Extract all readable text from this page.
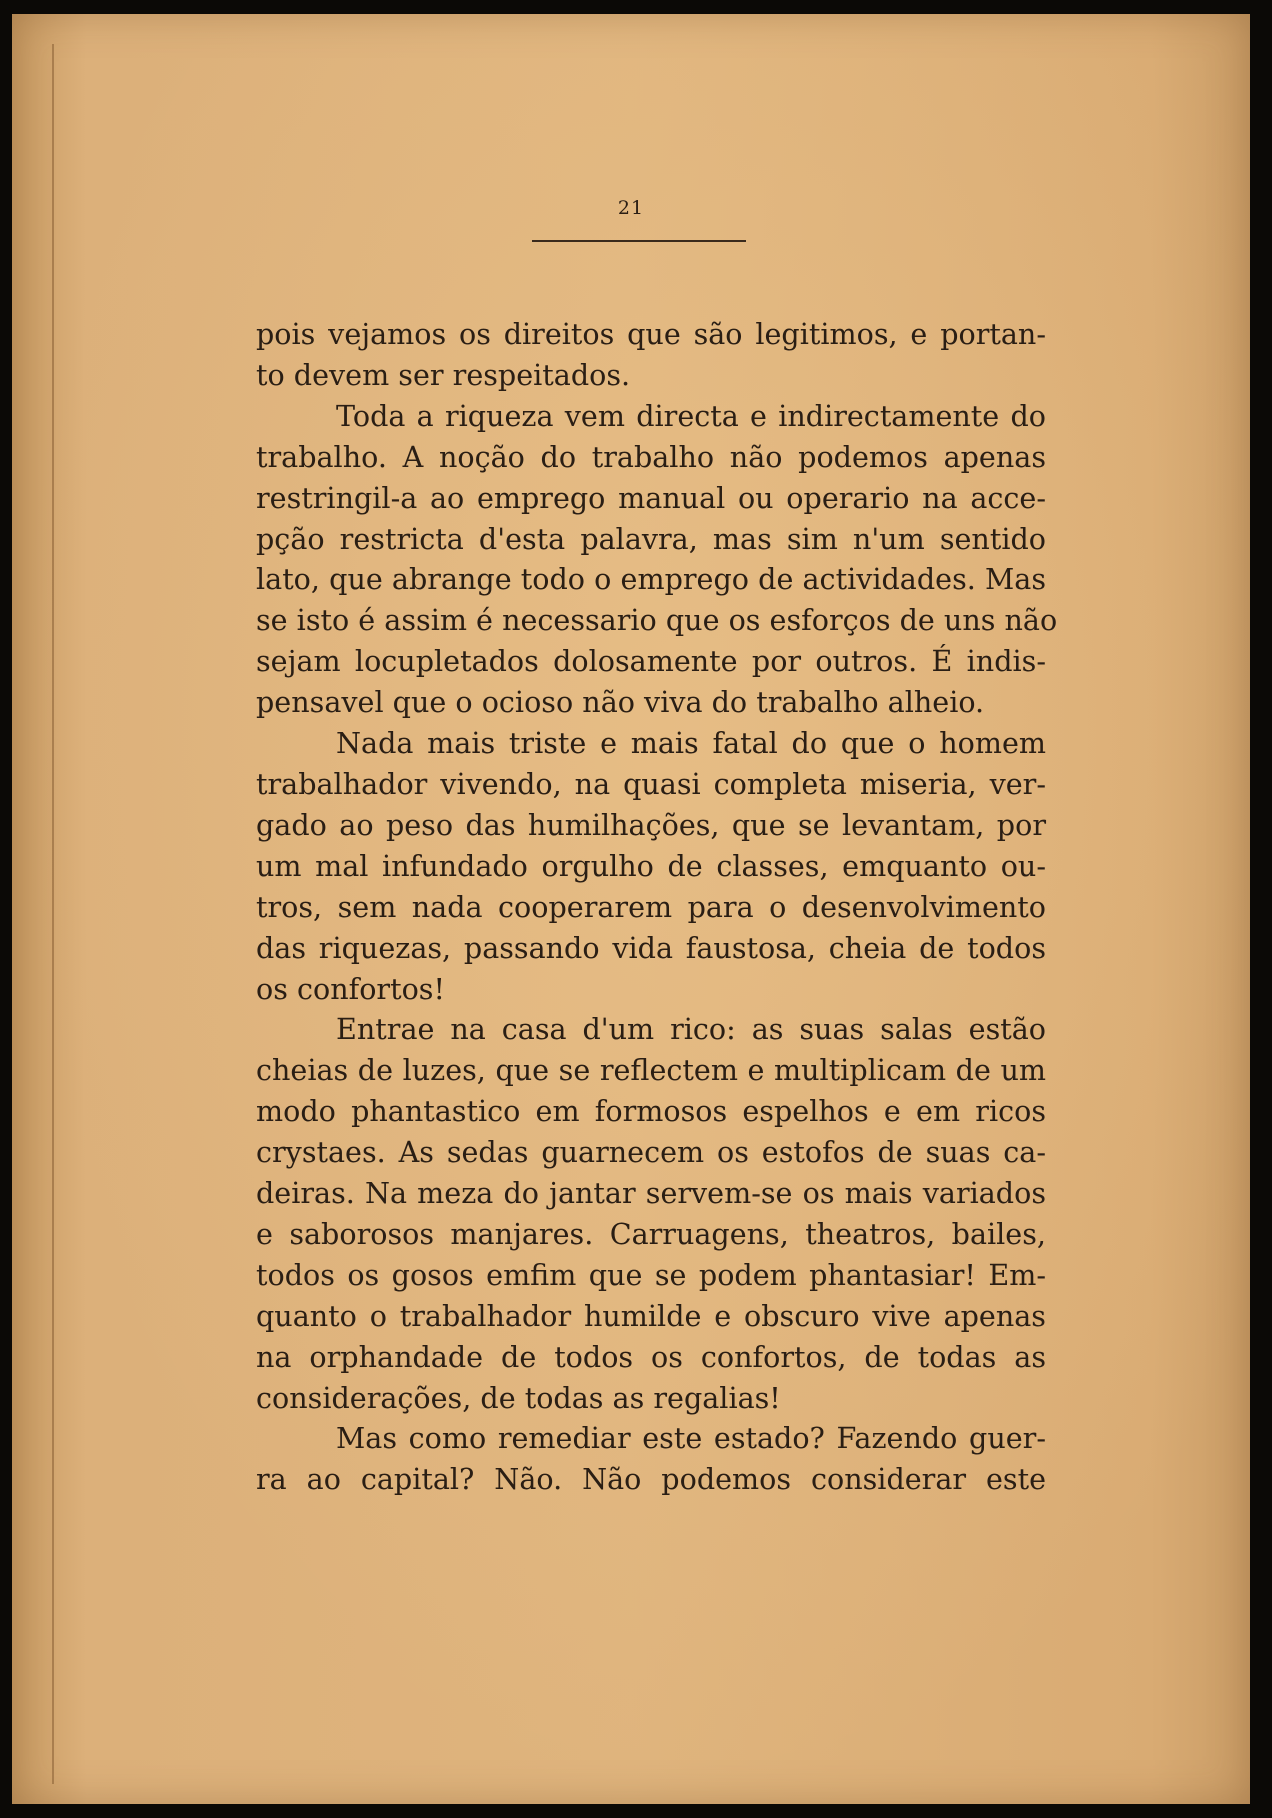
21
pois vejamos os direitos que são legitimos, e portan-
to devem ser respeitados.
Toda a riqueza vem directa e indirectamente do
trabalho. A noção do trabalho não podemos apenas
restringil-a ao emprego manual ou operario na acce-
pção restricta d'esta palavra, mas sim n'um sentido
lato, que abrange todo o emprego de actividades. Mas
se isto é assim é necessario que os esforços de uns não
sejam locupletados dolosamente por outros. É indis-
pensavel que o ocioso não viva do trabalho alheio.
Nada mais triste e mais fatal do que o homem
trabalhador vivendo, na quasi completa miseria, ver-
gado ao peso das humilhações, que se levantam, por
um mal infundado orgulho de classes, emquanto ou-
tros, sem nada cooperarem para o desenvolvimento
das riquezas, passando vida faustosa, cheia de todos
os confortos!
Entrae na casa d'um rico: as suas salas estão
cheias de luzes, que se reflectem e multiplicam de um
modo phantastico em formosos espelhos e em ricos
crystaes. As sedas guarnecem os estofos de suas ca-
deiras. Na meza do jantar servem-se os mais variados
e saborosos manjares. Carruagens, theatros, bailes,
todos os gosos emfim que se podem phantasiar! Em-
quanto o trabalhador humilde e obscuro vive apenas
na orphandade de todos os confortos, de todas as
considerações, de todas as regalias!
Mas como remediar este estado? Fazendo guer-
ra ao capital? Não. Não podemos considerar este
